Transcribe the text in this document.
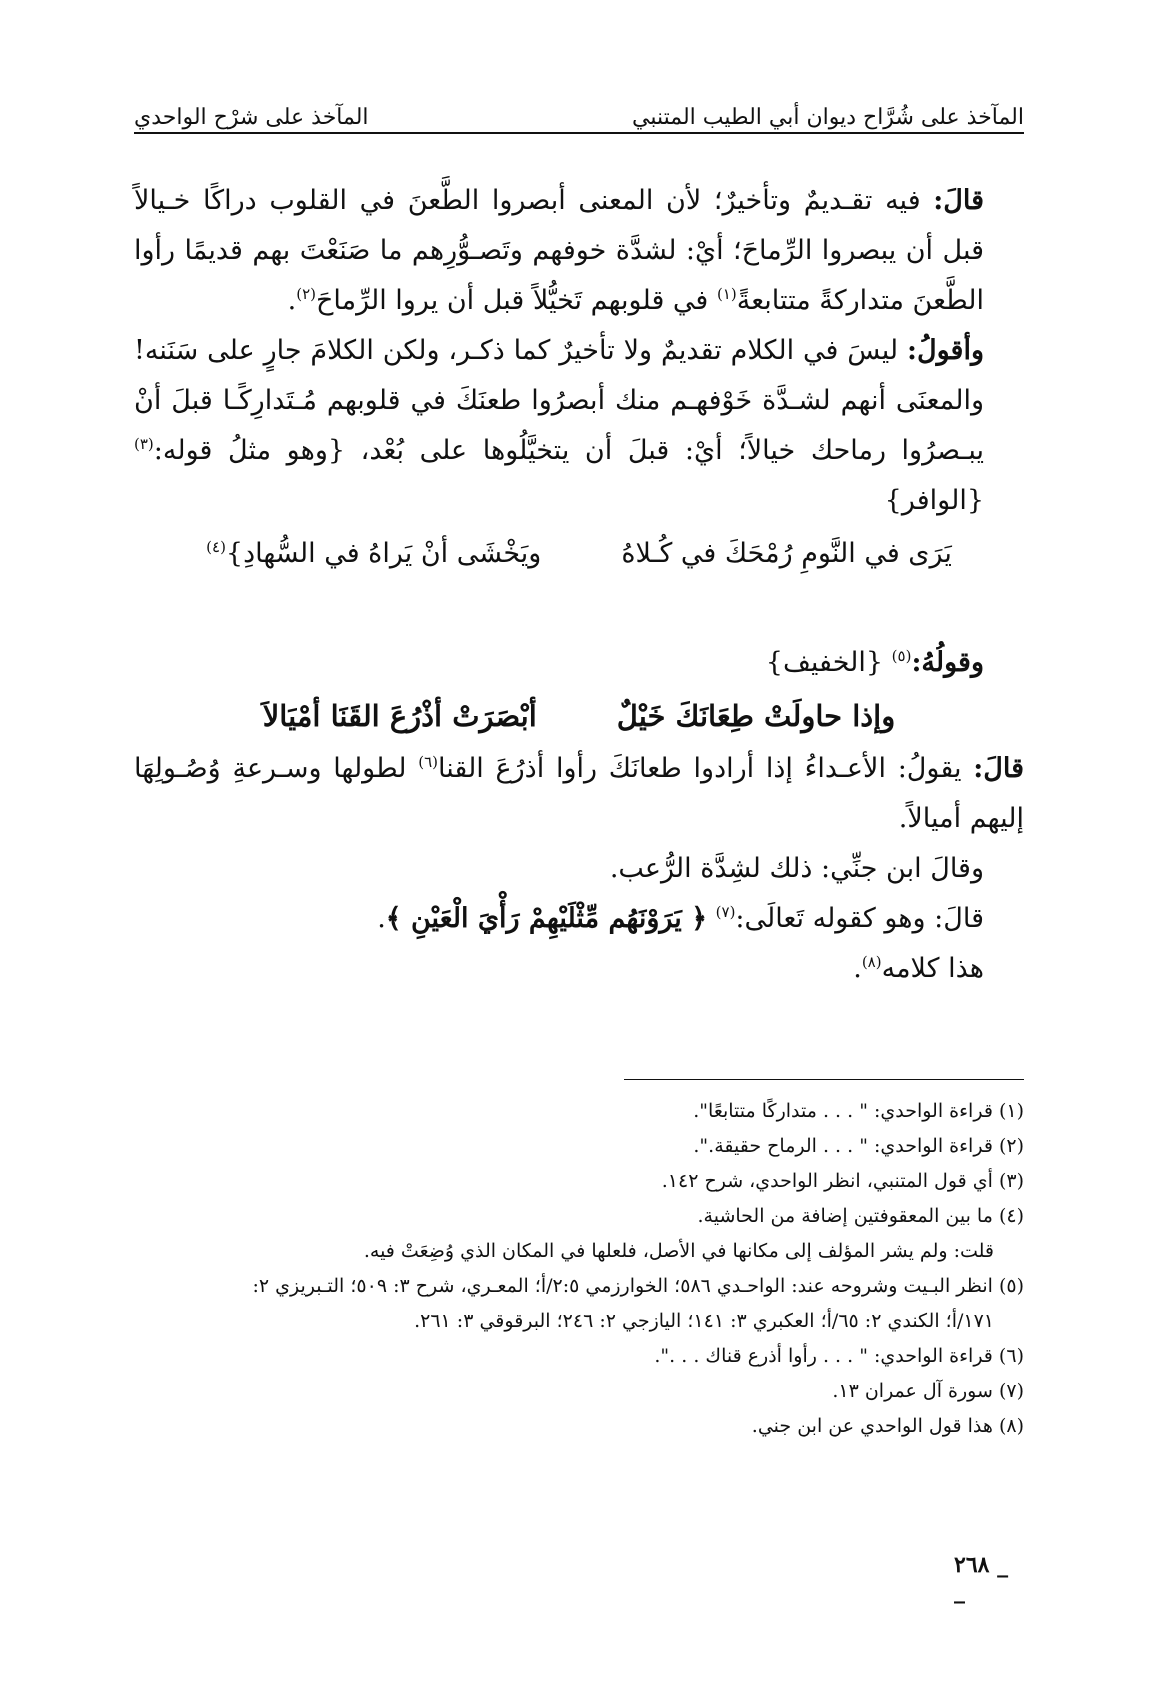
المآخذ على شُرَّاح ديوان أبي الطيب المتنبي
المآخذ على شرْح الواحدي

قالَ: فيه تقـديمٌ وتأخيرٌ؛ لأن المعنى أبصروا الطَّعنَ في القلوب دراكًا خـيالاً قبل أن يبصروا الرِّماحَ؛ أيْ: لشدَّة خوفهم وتَصـوُّرِهم ما صَنَعْتَ بهم قديمًا رأوا الطَّعنَ متداركةً متتابعةً$^{(١)}$ في قلوبهم تَخيُّلاً قبل أن يروا الرِّماحَ$^{(٢)}$.

وأقولُ: ليسَ في الكلام تقديمٌ ولا تأخيرٌ كما ذكـر، ولكن الكلامَ جارٍ على سَنَنه! والمعنَى أنهم لشـدَّة خَوْفهـم منك أبصرُوا طعنَكَ في قلوبهم مُـتَدارِكًـا قبلَ أنْ يبـصرُوا رماحك خيالاً؛ أيْ: قبلَ أن يتخيَّلُوها على بُعْد، {وهو مثلُ قوله:$^{(٣)}$ {الوافر}

يَرَى في النَّومِ رُمْحَكَ في كُـلاهُ
ويَخْشَى أنْ يَراهُ في السُّهادِ}$^{(٤)}$

وقولُهُ:$^{(٥)}$ {الخفيف}

وإذا حاولَتْ طِعَانَكَ خَيْلٌ
أبْصَرَتْ أذْرُعَ القَنَا أمْيَالاَ

قالَ: يقولُ: الأعـداءُ إذا أرادوا طعانَكَ رأوا أذرُعَ القنا$^{(٦)}$ لطولها وسـرعةِ وُصُـولِهَا إليهم أميالاً.

وقالَ ابن جنِّي: ذلك لشِدَّة الرُّعب.

قالَ: وهو كقوله تَعالَى:$^{(٧)}$ ﴿ يَرَوْنَهُم مِّثْلَيْهِمْ رَأْيَ الْعَيْنِ ﴾.

هذا كلامه$^{(٨)}$.

(١) قراءة الواحدي: " . . . متداركًا متتابعًا".

(٢) قراءة الواحدي: " . . . الرماح حقيقة.".

(٣) أي قول المتنبي، انظر الواحدي، شرح ١٤٢.

(٤) ما بين المعقوفتين إضافة من الحاشية.

قلت: ولم يشر المؤلف إلى مكانها في الأصل، فلعلها في المكان الذي وُضِعَتْ فيه.

(٥) انظر البـيت وشروحه عند: الواحـدي ٥٨٦؛ الخوارزمي ٢:٥/أ؛ المعـري، شرح ٣: ٥٠٩؛ التـبريزي ٢:

١٧١/أ؛ الكندي ٢: ٦٥/أ؛ العكبري ٣: ١٤١؛ اليازجي ٢: ٢٤٦؛ البرقوقي ٣: ٢٦١.

(٦) قراءة الواحدي: " . . . رأوا أذرع قناك . . .".

(٧) سورة آل عمران ١٣.

(٨) هذا قول الواحدي عن ابن جني.

_ ٢٦٨ _
